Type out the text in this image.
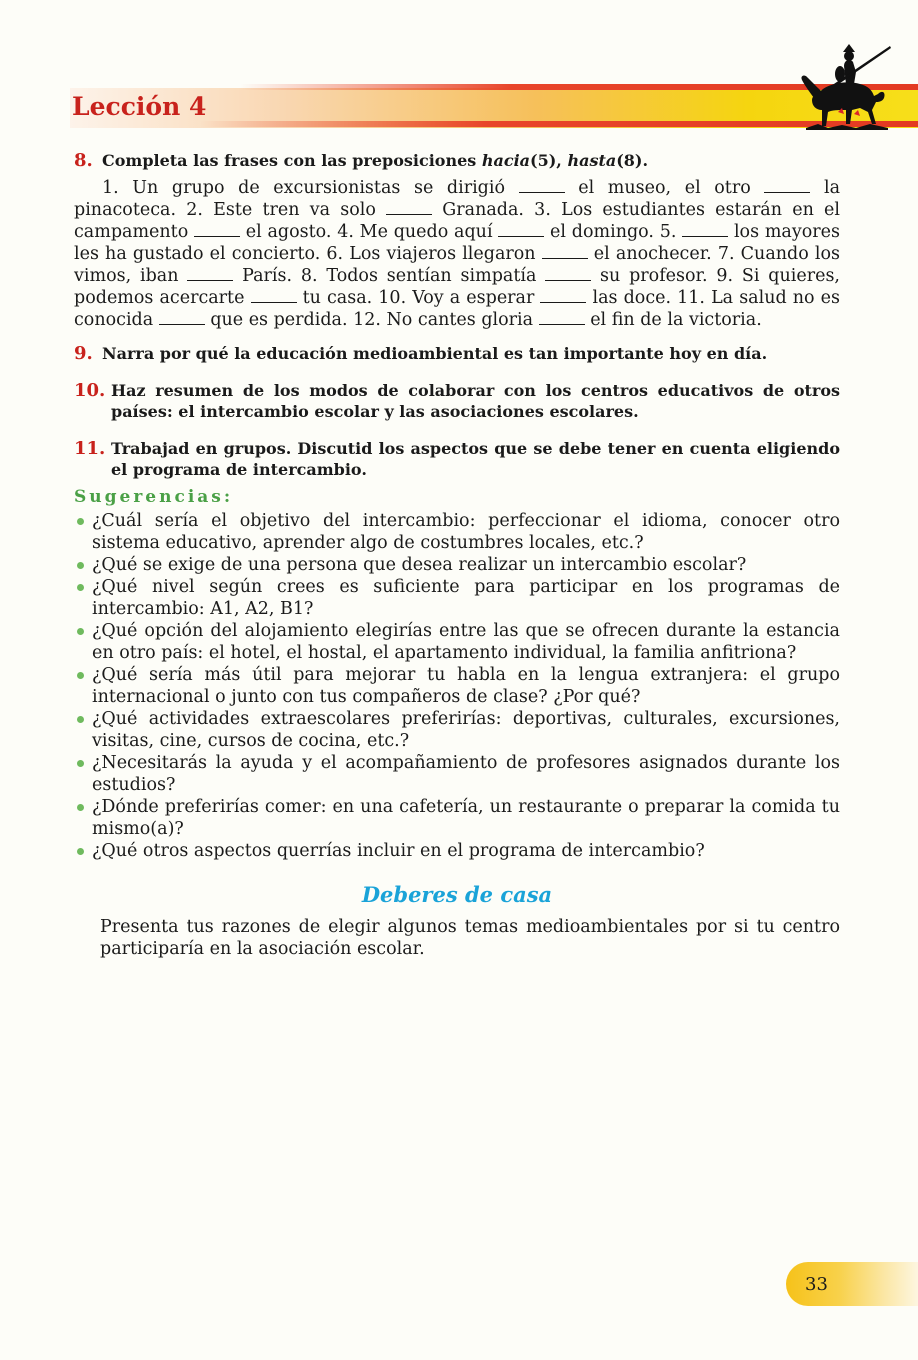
Lección 4
8. Completa las frases con las preposiciones hacia(5), hasta(8).

1. Un grupo de excursionistas se dirigió	el museo, el otro	la pinacoteca. 2. Este tren va solo	Granada. 3. Los estudiantes estarán en el campamento	el agosto. 4. Me quedo aquí	el domingo. 5.	los mayores les ha gustado el concierto. 6. Los viajeros llegaron	el anochecer. 7. Cuando los vimos, iban	París. 8. Todos sentían simpatía	su profesor. 9. Si quieres, podemos acercarte	tu casa. 10. Voy a esperar	las doce. 11. La salud no es conocida	que es perdida. 12. No cantes gloria	el fin de la victoria.

9. Narra por qué la educación medioambiental es tan importante hoy en día.
10. Haz resumen de los modos de colaborar con los centros educativos de otros países: el intercambio escolar y las asociaciones escolares.
11. Trabajad en grupos. Discutid los aspectos que se debe tener en cuenta eligiendo el programa de intercambio.
Sugerencias:
¿Cuál sería el objetivo del intercambio: perfeccionar el idioma, conocer otro sistema educativo, aprender algo de costumbres locales, etc.?
¿Qué se exige de una persona que desea realizar un intercambio escolar?
¿Qué nivel según crees es suficiente para participar en los programas de intercambio: A1, A2, B1?
¿Qué opción del alojamiento elegirías entre las que se ofrecen durante la estancia en otro país: el hotel, el hostal, el apartamento individual, la familia anfitriona?
¿Qué sería más útil para mejorar tu habla en la lengua extranjera: el grupo internacional o junto con tus compañeros de clase? ¿Por qué?
¿Qué actividades extraescolares preferirías: deportivas, culturales, excursiones, visitas, cine, cursos de cocina, etc.?
¿Necesitarás la ayuda y el acompañamiento de profesores asignados durante los estudios?
¿Dónde preferirías comer: en una cafetería, un restaurante o preparar la comida tu mismo(a)?
¿Qué otros aspectos querrías incluir en el programa de intercambio?
Deberes de casa

Presenta tus razones de elegir algunos temas medioambientales por si tu centro participaría en la asociación escolar.

33
